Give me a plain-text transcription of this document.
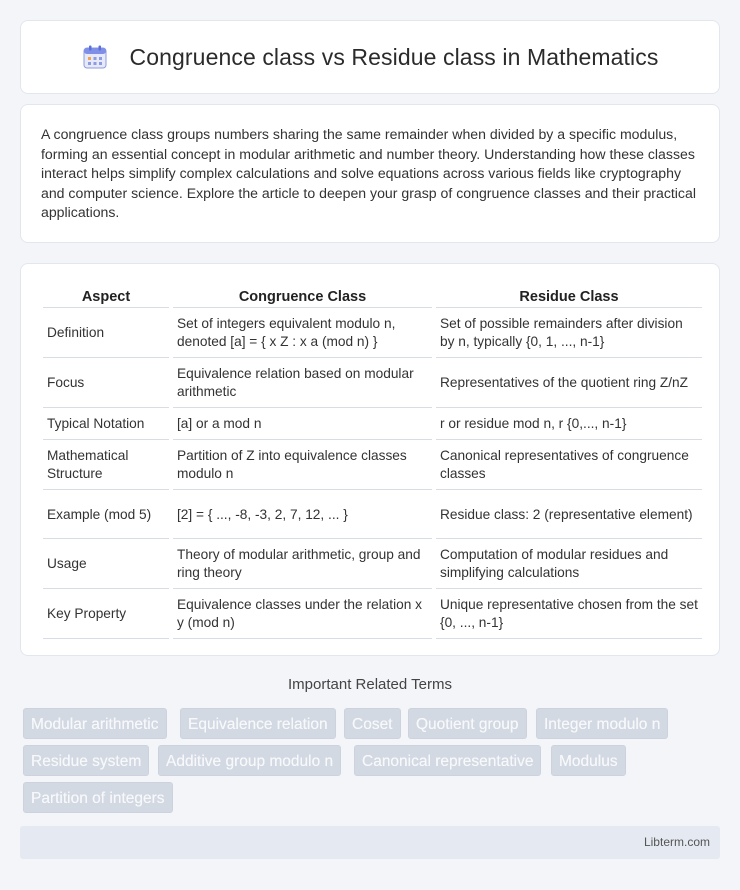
Congruence class vs Residue class in Mathematics

A congruence class groups numbers sharing the same remainder when divided by a specific modulus, forming an essential concept in modular arithmetic and number theory. Understanding how these classes interact helps simplify complex calculations and solve equations across various fields like cryptography and computer science. Explore the article to deepen your grasp of congruence classes and their practical applications.

Aspect	Congruence Class	Residue Class
Definition	Set of integers equivalent modulo n, denoted [a] = { x Z : x a (mod n) }	Set of possible remainders after division by n, typically {0, 1, ..., n-1}
Focus	Equivalence relation based on modular arithmetic	Representatives of the quotient ring Z/nZ
Typical Notation	[a] or a mod n	r or residue mod n, r {0,..., n-1}
Mathematical Structure	Partition of Z into equivalence classes modulo n	Canonical representatives of congruence classes
Example (mod 5)	[2] = { ..., -8, -3, 2, 7, 12, ... }	Residue class: 2 (representative element)
Usage	Theory of modular arithmetic, group and ring theory	Computation of modular residues and simplifying calculations
Key Property	Equivalence classes under the relation x y (mod n)	Unique representative chosen from the set {0, ..., n-1}
Important Related Terms
Modular arithmetic	Equivalence relation	Coset	Quotient group	Integer modulo n
Residue system	Additive group modulo n	Canonical representative	Modulus
Partition of integers
Libterm.com
